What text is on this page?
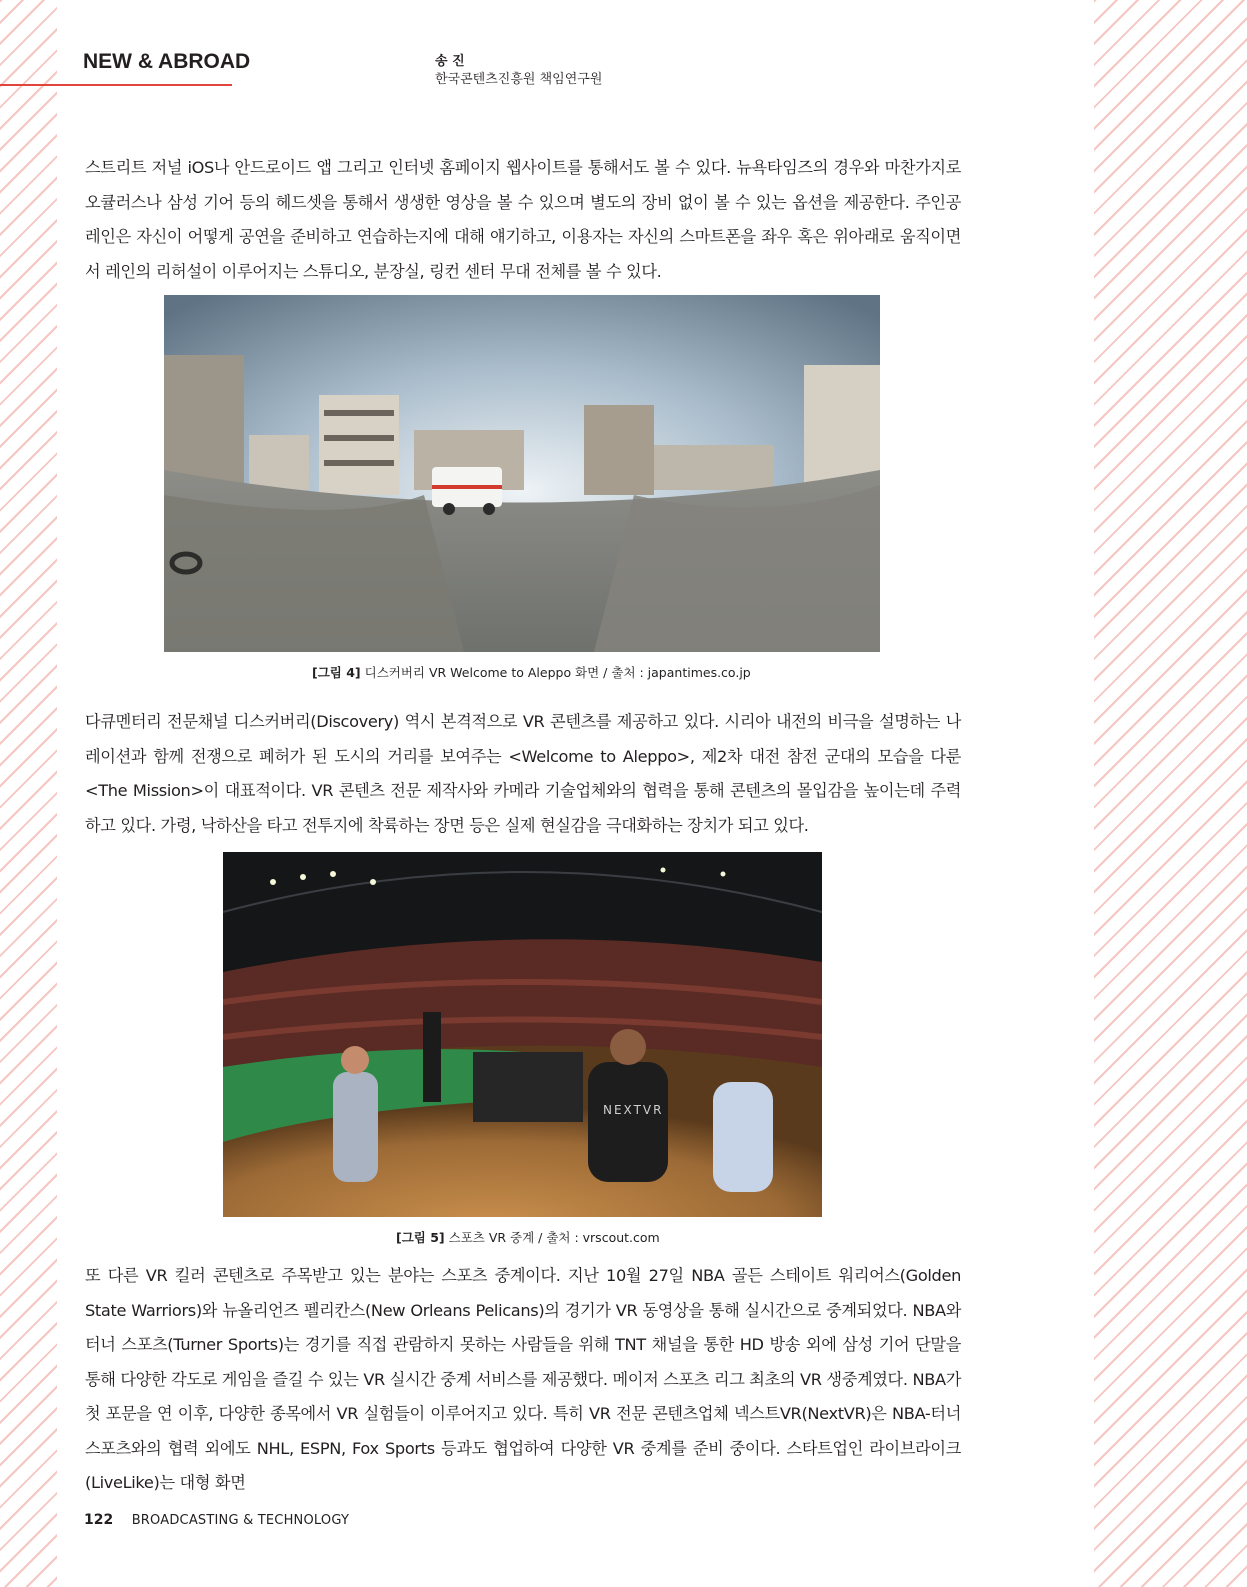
NEW & ABROAD	송 진
한국콘텐츠진흥원 책임연구원

스트리트 저널 iOS나 안드로이드 앱 그리고 인터넷 홈페이지 웹사이트를 통해서도 볼 수 있다. 뉴욕타임즈의 경우와 마찬가지로 오큘러스나 삼성 기어 등의 헤드셋을 통해서 생생한 영상을 볼 수 있으며 별도의 장비 없이 볼 수 있는 옵션을 제공한다. 주인공 레인은 자신이 어떻게 공연을 준비하고 연습하는지에 대해 얘기하고, 이용자는 자신의 스마트폰을 좌우 혹은 위아래로 움직이면서 레인의 리허설이 이루어지는 스튜디오, 분장실, 링컨 센터 무대 전체를 볼 수 있다.

[그림 4] 디스커버리 VR Welcome to Aleppo 화면 / 출처 : japantimes.co.jp

다큐멘터리 전문채널 디스커버리(Discovery) 역시 본격적으로 VR 콘텐츠를 제공하고 있다. 시리아 내전의 비극을 설명하는 나레이션과 함께 전쟁으로 폐허가 된 도시의 거리를 보여주는 <Welcome to Aleppo>, 제2차 대전 참전 군대의 모습을 다룬 <The Mission>이 대표적이다. VR 콘텐츠 전문 제작사와 카메라 기술업체와의 협력을 통해 콘텐츠의 몰입감을 높이는데 주력하고 있다. 가령, 낙하산을 타고 전투지에 착륙하는 장면 등은 실제 현실감을 극대화하는 장치가 되고 있다.

NEXTVR
[그림 5] 스포츠 VR 중계 / 출처 : vrscout.com

또 다른 VR 킬러 콘텐츠로 주목받고 있는 분야는 스포츠 중계이다. 지난 10월 27일 NBA 골든 스테이트 워리어스(Golden State Warriors)와 뉴올리언즈 펠리칸스(New Orleans Pelicans)의 경기가 VR 동영상을 통해 실시간으로 중계되었다. NBA와 터너 스포츠(Turner Sports)는 경기를 직접 관람하지 못하는 사람들을 위해 TNT 채널을 통한 HD 방송 외에 삼성 기어 단말을 통해 다양한 각도로 게임을 즐길 수 있는 VR 실시간 중계 서비스를 제공했다. 메이저 스포츠 리그 최초의 VR 생중계였다. NBA가 첫 포문을 연 이후, 다양한 종목에서 VR 실험들이 이루어지고 있다. 특히 VR 전문 콘텐츠업체 넥스트VR(NextVR)은 NBA-터너 스포츠와의 협력 외에도 NHL, ESPN, Fox Sports 등과도 협업하여 다양한 VR 중계를 준비 중이다. 스타트업인 라이브라이크(LiveLike)는 대형 화면

122 BROADCASTING & TECHNOLOGY
